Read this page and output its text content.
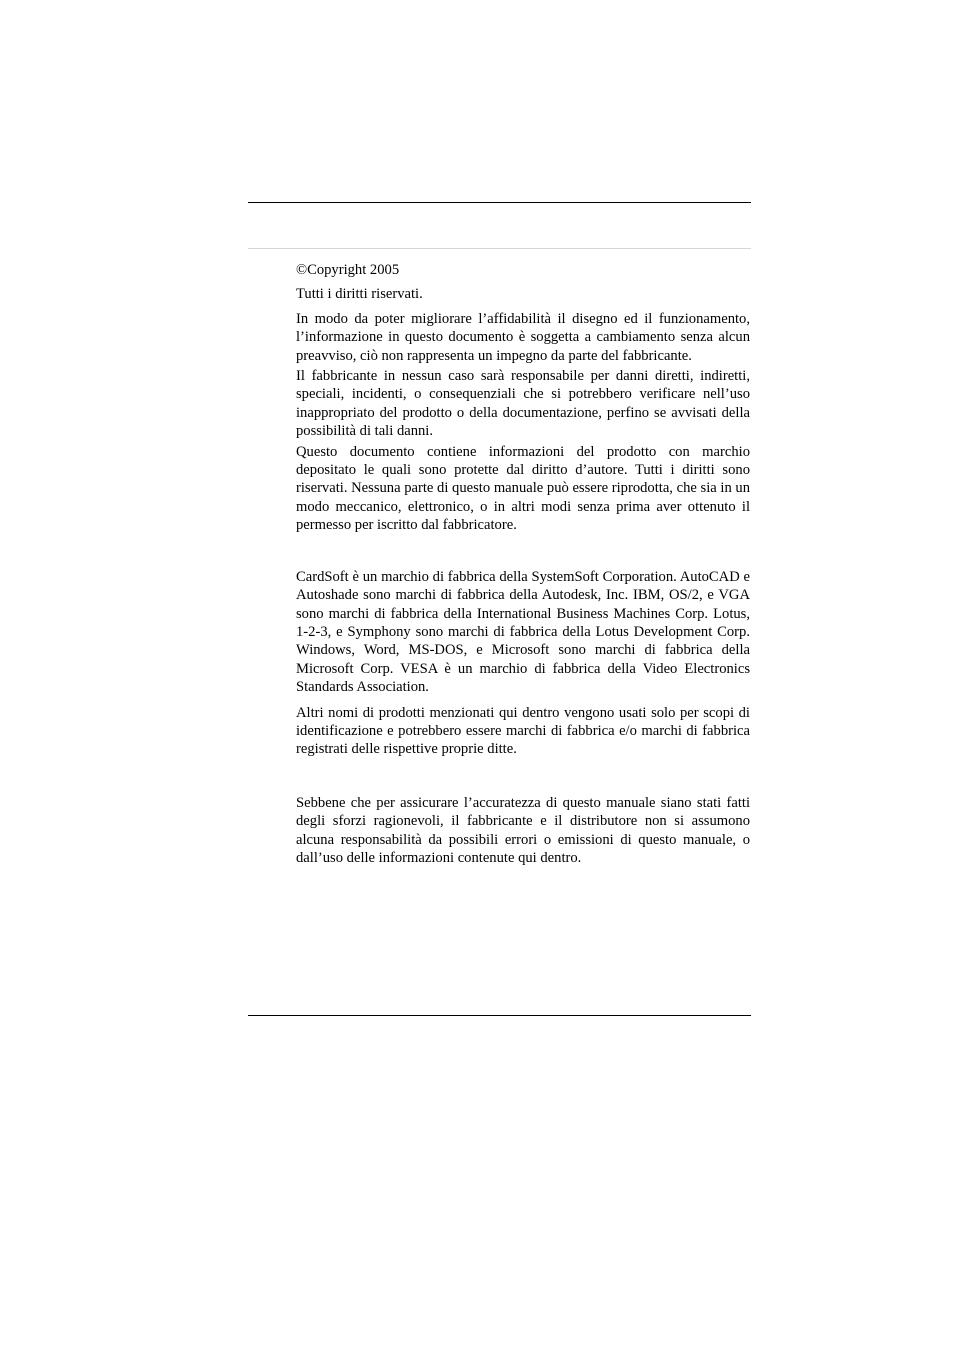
©Copyright 2005

Tutti i diritti riservati.

In modo da poter migliorare l’affidabilità il disegno ed il funzionamento, l’informazione in questo documento è soggetta a cambiamento senza alcun preavviso, ciò non rappresenta un impegno da parte del fabbricante.

Il fabbricante in nessun caso sarà responsabile per danni diretti, indiretti, speciali, incidenti, o consequenziali che si potrebbero verificare nell’uso inappropriato del prodotto o della documentazione, perfino se avvisati della possibilità di tali danni.

Questo documento contiene informazioni del prodotto con marchio depositato le quali sono protette dal diritto d’autore. Tutti i diritti sono riservati. Nessuna parte di questo manuale può essere riprodotta, che sia in un modo meccanico, elettronico, o in altri modi senza prima aver ottenuto il permesso per iscritto dal fabbricatore.

CardSoft è un marchio di fabbrica della SystemSoft Corporation. AutoCAD e Autoshade sono marchi di fabbrica della Autodesk, Inc. IBM, OS/2, e VGA sono marchi di fabbrica della International Business Machines Corp. Lotus, 1-2-3, e Symphony sono marchi di fabbrica della Lotus Development Corp. Windows, Word, MS-DOS, e Microsoft sono marchi di fabbrica della Microsoft Corp. VESA è un marchio di fabbrica della Video Electronics Standards Association.

Altri nomi di prodotti menzionati qui dentro vengono usati solo per scopi di identificazione e potrebbero essere marchi di fabbrica e/o marchi di fabbrica registrati delle rispettive proprie ditte.

Sebbene che per assicurare l’accuratezza di questo manuale siano stati fatti degli sforzi ragionevoli, il fabbricante e il distributore non si assumono alcuna responsabilità da possibili errori o emissioni di questo manuale, o dall’uso delle informazioni contenute qui dentro.
